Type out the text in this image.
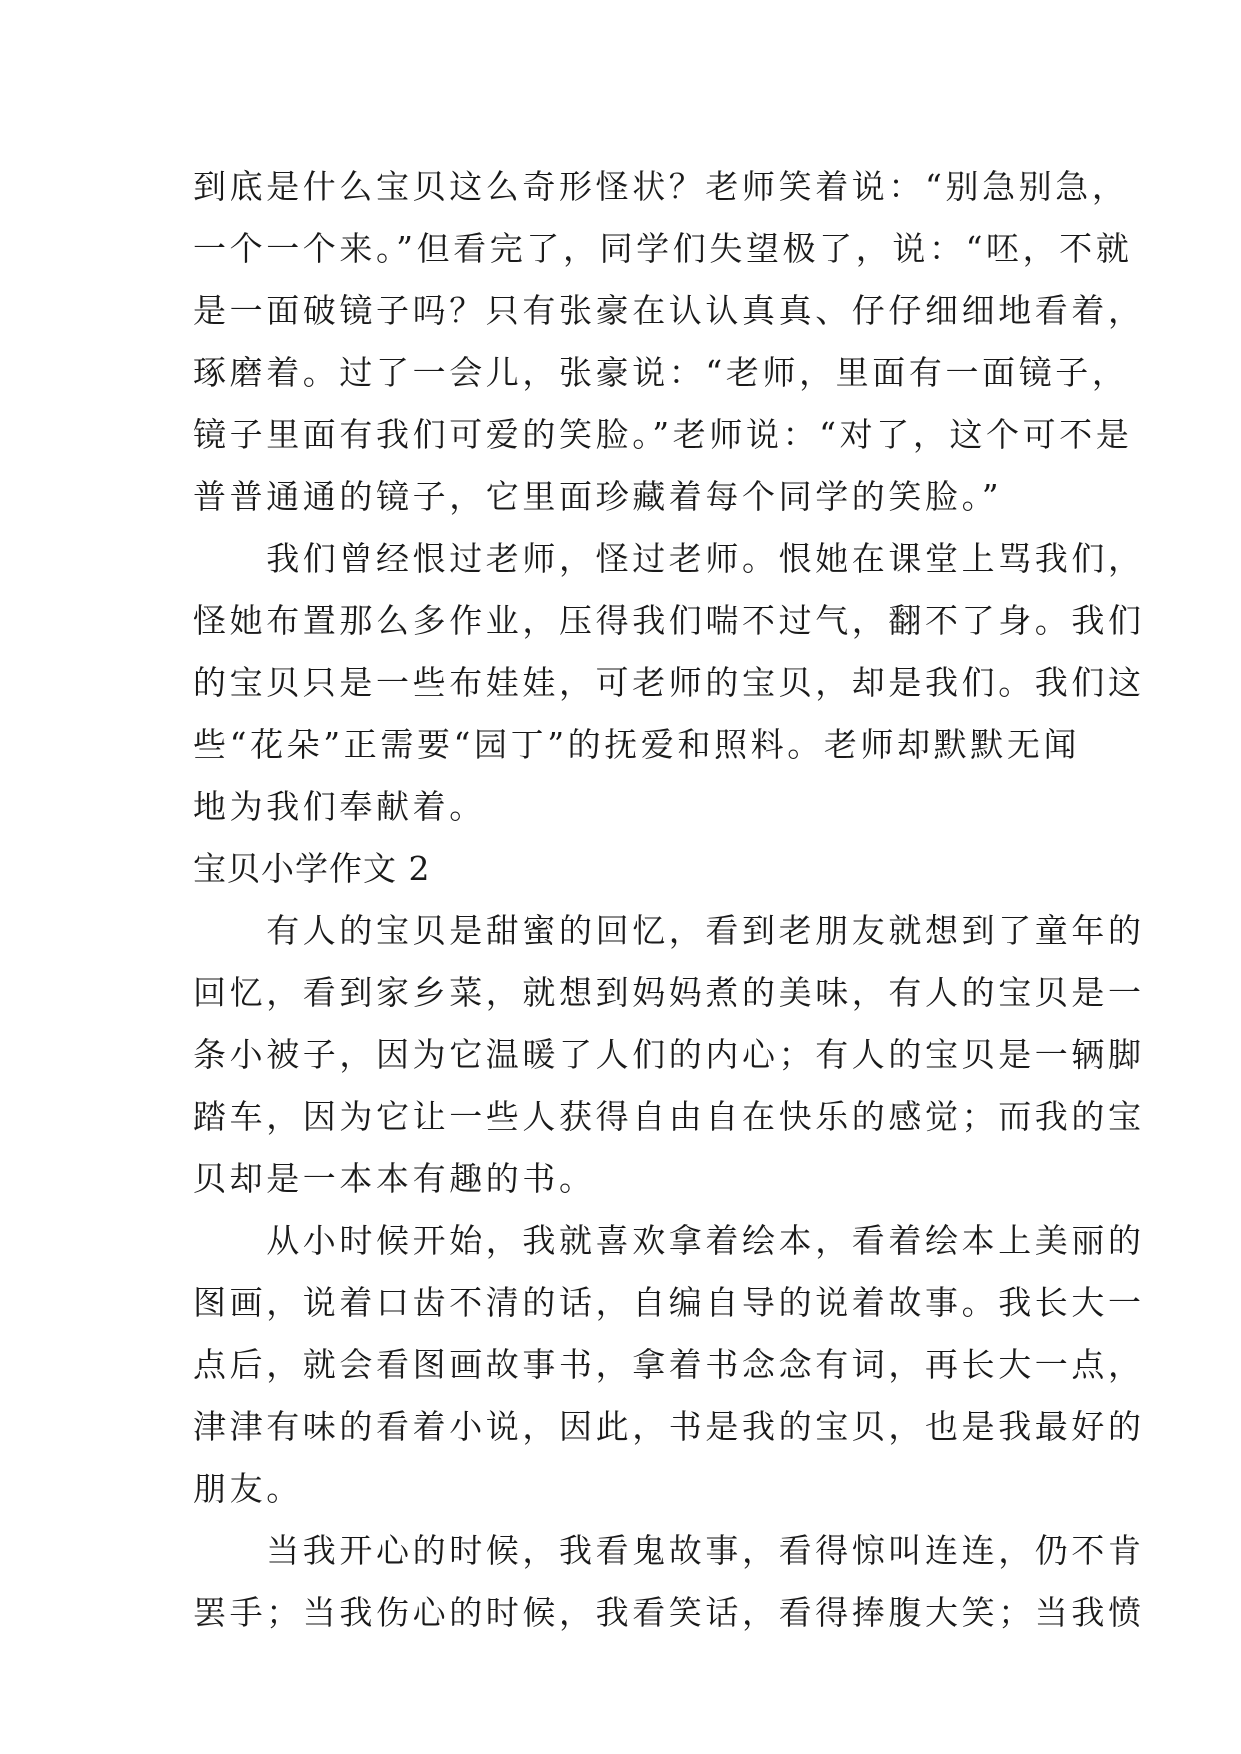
到底是什么宝贝这么奇形怪状？老师笑着说：“别急别急，
一个一个来。”但看完了，同学们失望极了，说：“呸，不就
是一面破镜子吗？只有张豪在认认真真、仔仔细细地看着，
琢磨着。过了一会儿，张豪说：“老师，里面有一面镜子，
镜子里面有我们可爱的笑脸。”老师说：“对了，这个可不是
普普通通的镜子，它里面珍藏着每个同学的笑脸。”
　　我们曾经恨过老师，怪过老师。恨她在课堂上骂我们，
怪她布置那么多作业，压得我们喘不过气，翻不了身。我们
的宝贝只是一些布娃娃，可老师的宝贝，却是我们。我们这
些“花朵”正需要“园丁”的抚爱和照料。老师却默默无闻
地为我们奉献着。
宝贝小学作文 2
　　有人的宝贝是甜蜜的回忆，看到老朋友就想到了童年的
回忆，看到家乡菜，就想到妈妈煮的美味，有人的宝贝是一
条小被子，因为它温暖了人们的内心；有人的宝贝是一辆脚
踏车，因为它让一些人获得自由自在快乐的感觉；而我的宝
贝却是一本本有趣的书。
　　从小时候开始，我就喜欢拿着绘本，看着绘本上美丽的
图画，说着口齿不清的话，自编自导的说着故事。我长大一
点后，就会看图画故事书，拿着书念念有词，再长大一点，
津津有味的看着小说，因此，书是我的宝贝，也是我最好的
朋友。
　　当我开心的时候，我看鬼故事，看得惊叫连连，仍不肯
罢手；当我伤心的时候，我看笑话，看得捧腹大笑；当我愤
